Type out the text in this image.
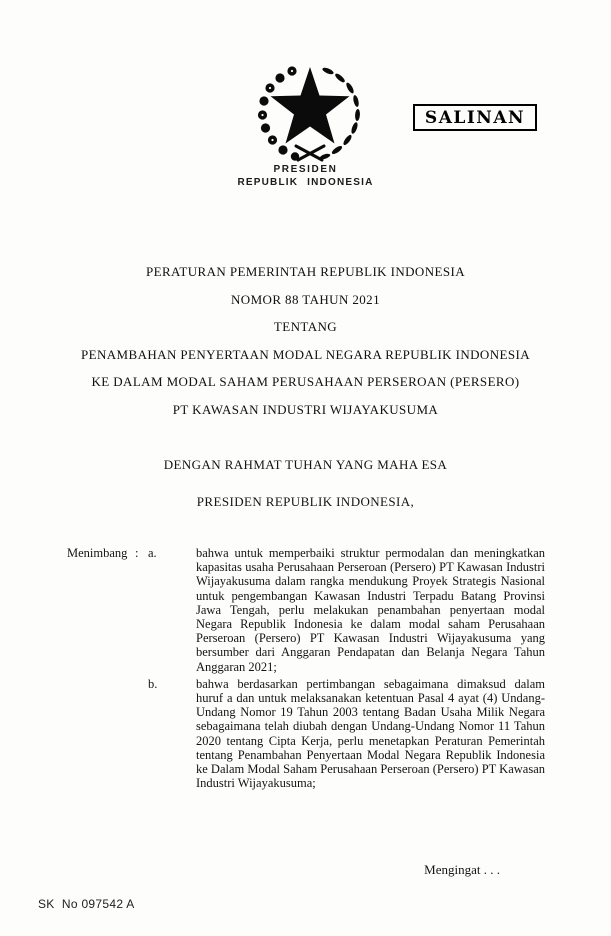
SALINAN
PRESIDEN
REPUBLIK INDONESIA
PERATURAN PEMERINTAH REPUBLIK INDONESIA
NOMOR 88 TAHUN 2021
TENTANG
PENAMBAHAN PENYERTAAN MODAL NEGARA REPUBLIK INDONESIA
KE DALAM MODAL SAHAM PERUSAHAAN PERSEROAN (PERSERO)
PT KAWASAN INDUSTRI WIJAYAKUSUMA
DENGAN RAHMAT TUHAN YANG MAHA ESA
PRESIDEN REPUBLIK INDONESIA,
Menimbang : a.	bahwa untuk memperbaiki struktur permodalan dan meningkatkan kapasitas usaha Perusahaan Perseroan (Persero) PT Kawasan Industri Wijayakusuma dalam rangka mendukung Proyek Strategis Nasional untuk pengembangan Kawasan Industri Terpadu Batang Provinsi Jawa Tengah, perlu melakukan penambahan penyertaan modal Negara Republik Indonesia ke dalam modal saham Perusahaan Perseroan (Persero) PT Kawasan Industri Wijayakusuma yang bersumber dari Anggaran Pendapatan dan Belanja Negara Tahun Anggaran 2021;
b.	bahwa berdasarkan pertimbangan sebagaimana dimaksud dalam huruf a dan untuk melaksanakan ketentuan Pasal 4 ayat (4) Undang-Undang Nomor 19 Tahun 2003 tentang Badan Usaha Milik Negara sebagaimana telah diubah dengan Undang-Undang Nomor 11 Tahun 2020 tentang Cipta Kerja, perlu menetapkan Peraturan Pemerintah tentang Penambahan Penyertaan Modal Negara Republik Indonesia ke Dalam Modal Saham Perusahaan Perseroan (Persero) PT Kawasan Industri Wijayakusuma;
Mengingat . . .
SK  No 097542 A
